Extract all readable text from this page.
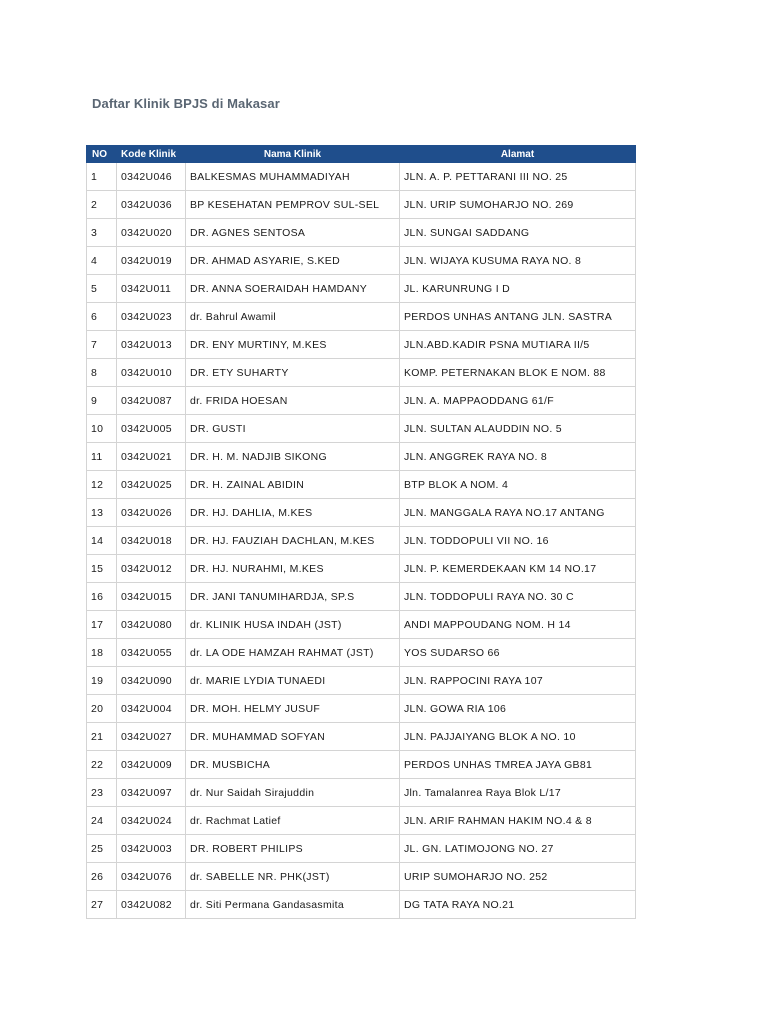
Daftar Klinik BPJS di Makasar
NO	Kode Klinik	Nama Klinik	Alamat
1	0342U046	BALKESMAS MUHAMMADIYAH	JLN. A. P. PETTARANI III NO. 25
2	0342U036	BP KESEHATAN PEMPROV SUL-SEL	JLN. URIP SUMOHARJO NO. 269
3	0342U020	DR. AGNES SENTOSA	JLN. SUNGAI SADDANG
4	0342U019	DR. AHMAD ASYARIE, S.KED	JLN. WIJAYA KUSUMA RAYA NO. 8
5	0342U011	DR. ANNA SOERAIDAH HAMDANY	JL. KARUNRUNG I D
6	0342U023	dr. Bahrul Awamil	PERDOS UNHAS ANTANG JLN. SASTRA
7	0342U013	DR. ENY MURTINY, M.KES	JLN.ABD.KADIR PSNA MUTIARA II/5
8	0342U010	DR. ETY SUHARTY	KOMP. PETERNAKAN BLOK E NOM. 88
9	0342U087	dr. FRIDA HOESAN	JLN. A. MAPPAODDANG 61/F
10	0342U005	DR. GUSTI	JLN. SULTAN ALAUDDIN NO. 5
11	0342U021	DR. H. M. NADJIB SIKONG	JLN. ANGGREK RAYA NO. 8
12	0342U025	DR. H. ZAINAL ABIDIN	BTP BLOK A NOM. 4
13	0342U026	DR. HJ. DAHLIA, M.KES	JLN. MANGGALA RAYA NO.17 ANTANG
14	0342U018	DR. HJ. FAUZIAH DACHLAN, M.KES	JLN. TODDOPULI VII NO. 16
15	0342U012	DR. HJ. NURAHMI, M.KES	JLN. P. KEMERDEKAAN KM 14 NO.17
16	0342U015	DR. JANI TANUMIHARDJA, SP.S	JLN. TODDOPULI RAYA NO. 30 C
17	0342U080	dr. KLINIK HUSA INDAH (JST)	ANDI MAPPOUDANG NOM. H 14
18	0342U055	dr. LA ODE HAMZAH RAHMAT (JST)	YOS SUDARSO 66
19	0342U090	dr. MARIE LYDIA TUNAEDI	JLN. RAPPOCINI RAYA 107
20	0342U004	DR. MOH. HELMY JUSUF	JLN. GOWA RIA 106
21	0342U027	DR. MUHAMMAD SOFYAN	JLN. PAJJAIYANG BLOK A NO. 10
22	0342U009	DR. MUSBICHA	PERDOS UNHAS TMREA JAYA GB81
23	0342U097	dr. Nur Saidah Sirajuddin	Jln. Tamalanrea Raya Blok L/17
24	0342U024	dr. Rachmat Latief	JLN. ARIF RAHMAN HAKIM NO.4 & 8
25	0342U003	DR. ROBERT PHILIPS	JL. GN. LATIMOJONG NO. 27
26	0342U076	dr. SABELLE NR. PHK(JST)	URIP SUMOHARJO NO. 252
27	0342U082	dr. Siti Permana Gandasasmita	DG TATA RAYA NO.21
